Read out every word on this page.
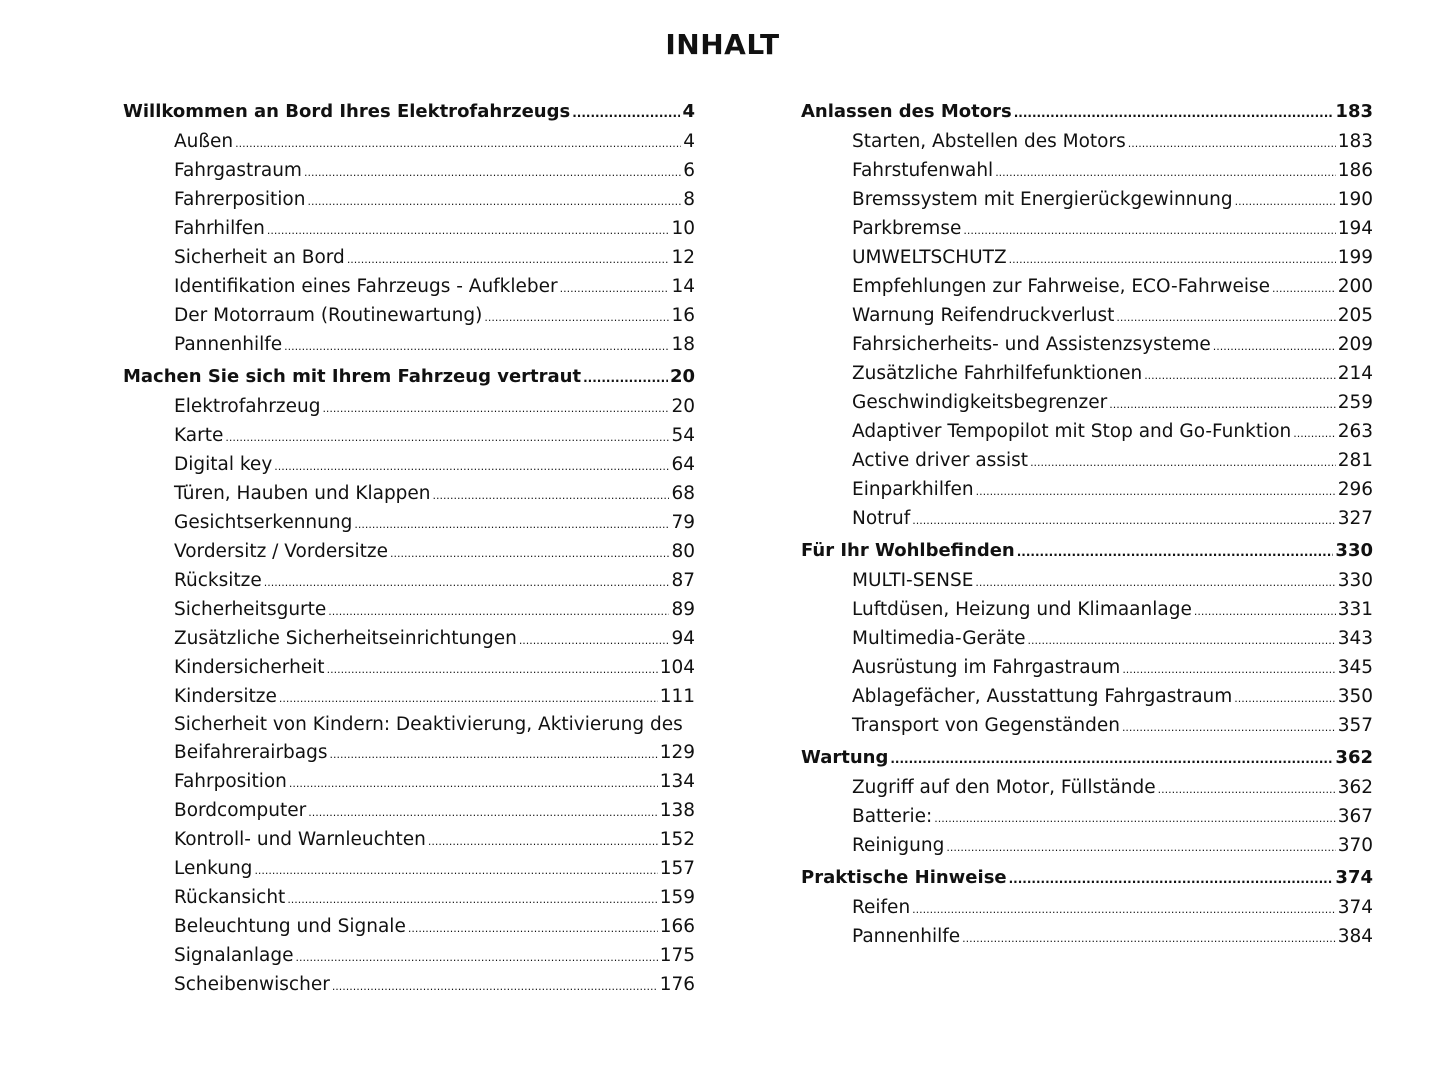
INHALT
Willkommen an Bord Ihres Elektrofahrzeugs .....	4
Außen .....	4
Fahrgastraum .....	6
Fahrerposition .....	8
Fahrhilfen .....	10
Sicherheit an Bord .....	12
Identifikation eines Fahrzeugs - Aufkleber .....	14
Der Motorraum (Routinewartung) .....	16
Pannenhilfe .....	18
Machen Sie sich mit Ihrem Fahrzeug vertraut .....	20
Elektrofahrzeug .....	20
Karte .....	54
Digital key .....	64
Türen, Hauben und Klappen .....	68
Gesichtserkennung .....	79
Vordersitz / Vordersitze .....	80
Rücksitze .....	87
Sicherheitsgurte .....	89
Zusätzliche Sicherheitseinrichtungen .....	94
Kindersicherheit .....	104
Kindersitze .....	111
Sicherheit von Kindern: Deaktivierung, Aktivierung des
Beifahrerairbags .....	129
Fahrposition .....	134
Bordcomputer .....	138
Kontroll- und Warnleuchten .....	152
Lenkung .....	157
Rückansicht .....	159
Beleuchtung und Signale .....	166
Signalanlage .....	175
Scheibenwischer .....	176
Anlassen des Motors .....	183
Starten, Abstellen des Motors .....	183
Fahrstufenwahl .....	186
Bremssystem mit Energierückgewinnung .....	190
Parkbremse .....	194
UMWELTSCHUTZ .....	199
Empfehlungen zur Fahrweise, ECO-Fahrweise .....	200
Warnung Reifendruckverlust .....	205
Fahrsicherheits- und Assistenzsysteme .....	209
Zusätzliche Fahrhilfefunktionen .....	214
Geschwindigkeitsbegrenzer .....	259
Adaptiver Tempopilot mit Stop and Go-Funktion .....	263
Active driver assist .....	281
Einparkhilfen .....	296
Notruf .....	327
Für Ihr Wohlbefinden .....	330
MULTI-SENSE .....	330
Luftdüsen, Heizung und Klimaanlage .....	331
Multimedia-Geräte .....	343
Ausrüstung im Fahrgastraum .....	345
Ablagefächer, Ausstattung Fahrgastraum .....	350
Transport von Gegenständen .....	357
Wartung .....	362
Zugriff auf den Motor, Füllstände .....	362
Batterie: .....	367
Reinigung .....	370
Praktische Hinweise .....	374
Reifen .....	374
Pannenhilfe .....	384
